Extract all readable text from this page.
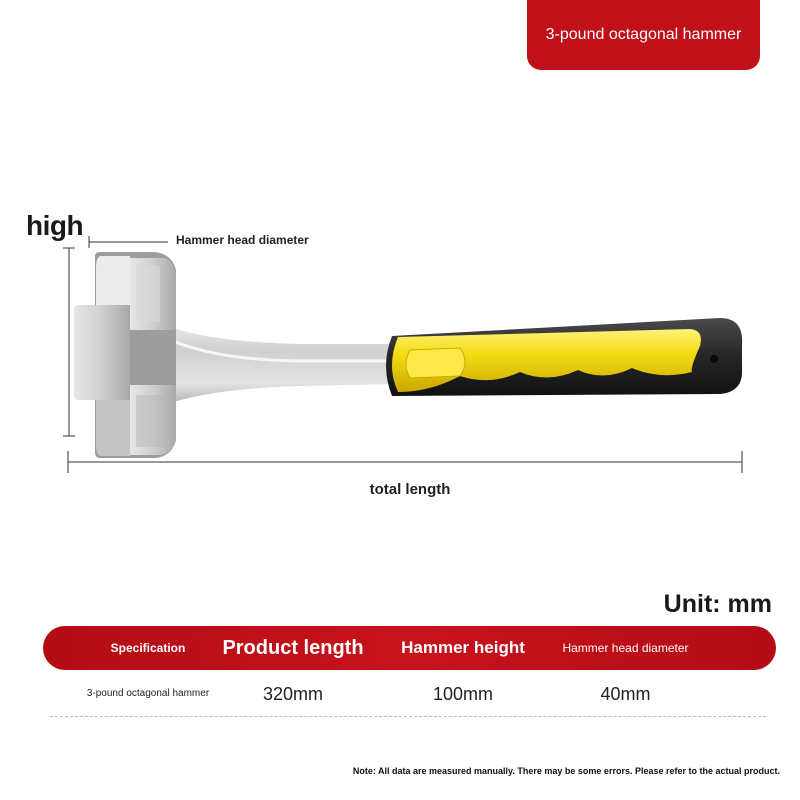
3-pound octagonal hammer
high	Hammer head diameter
total length
Unit: mm
Specification	Product length	Hammer height	Hammer head diameter
3-pound octagonal hammer	320mm	100mm	40mm
Note: All data are measured manually. There may be some errors. Please refer to the actual product.
